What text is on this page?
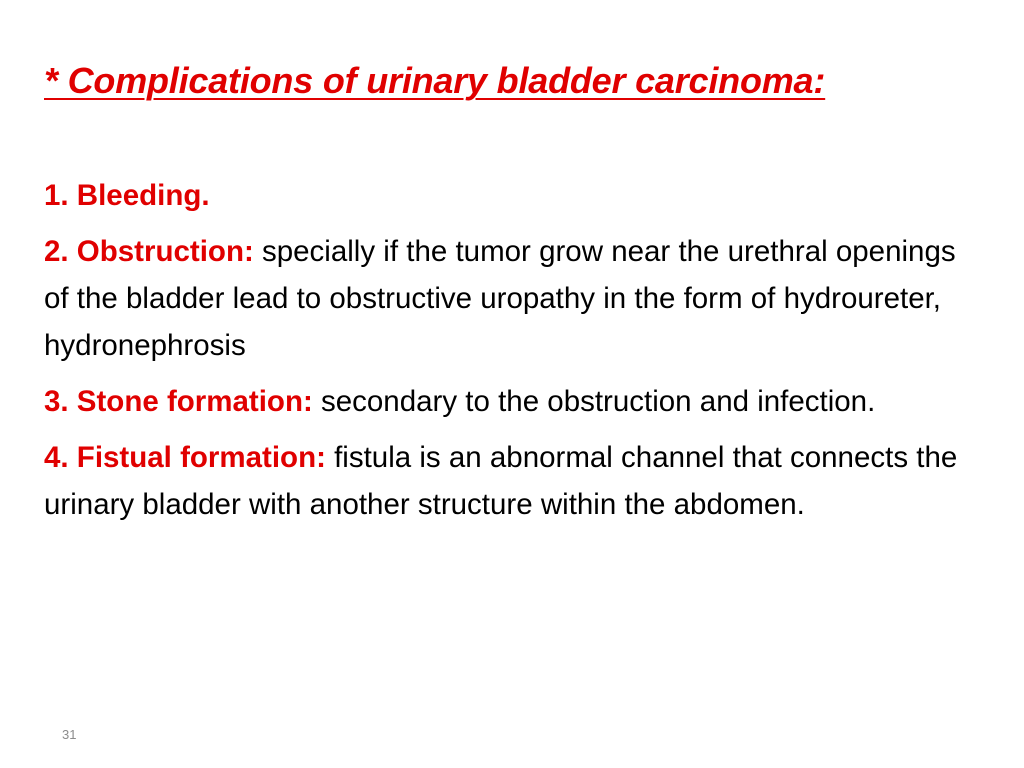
* Complications of urinary bladder carcinoma:
1. Bleeding.
2. Obstruction: specially if the tumor grow near the urethral openings of the bladder lead to obstructive uropathy in the form of hydroureter, hydronephrosis
3. Stone formation: secondary to the obstruction and infection.
4. Fistual formation: fistula is an abnormal channel that connects the urinary bladder with another structure within the abdomen.
31
